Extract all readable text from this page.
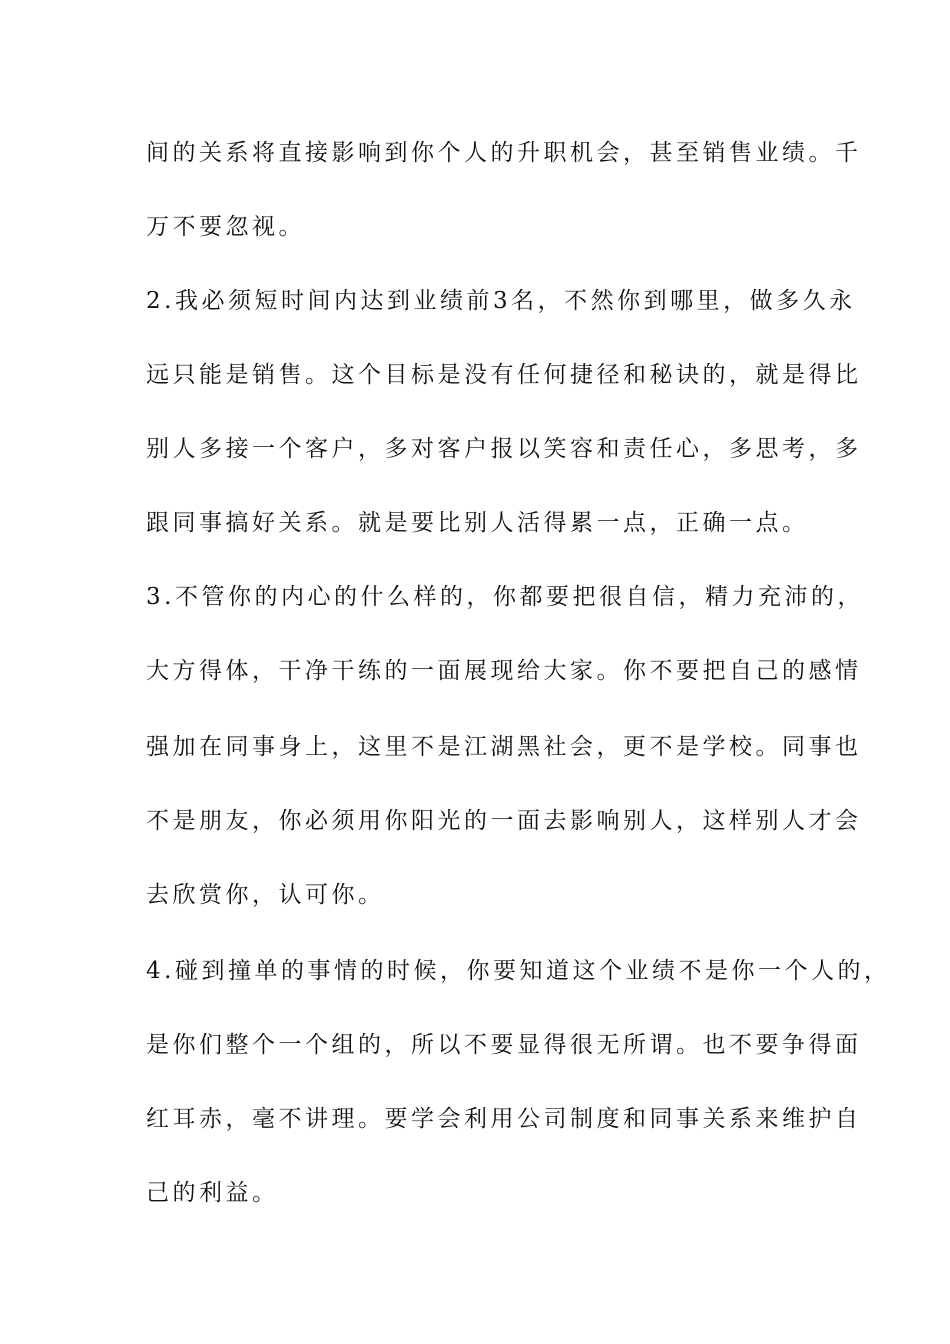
间的关系将直接影响到你个人的升职机会，甚至销售业绩。千
万不要忽视。
2.我必须短时间内达到业绩前3名，不然你到哪里，做多久永
远只能是销售。这个目标是没有任何捷径和秘诀的，就是得比
别人多接一个客户，多对客户报以笑容和责任心，多思考，多
跟同事搞好关系。就是要比别人活得累一点，正确一点。
3.不管你的内心的什么样的，你都要把很自信，精力充沛的，
大方得体，干净干练的一面展现给大家。你不要把自己的感情
强加在同事身上，这里不是江湖黑社会，更不是学校。同事也
不是朋友，你必须用你阳光的一面去影响别人，这样别人才会
去欣赏你，认可你。
4.碰到撞单的事情的时候，你要知道这个业绩不是你一个人的，
是你们整个一个组的，所以不要显得很无所谓。也不要争得面
红耳赤，毫不讲理。要学会利用公司制度和同事关系来维护自
己的利益。
